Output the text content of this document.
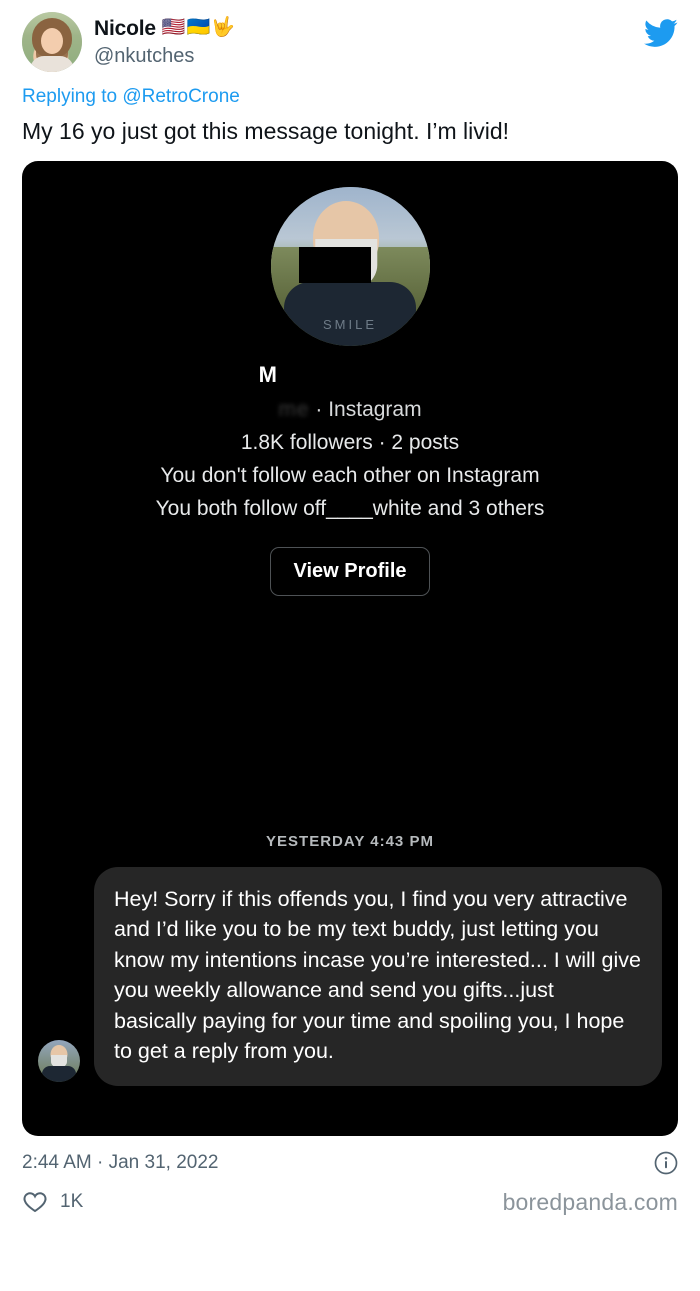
Nicole 🇺🇸🇺🇦🤟
@nkutches
Replying to @RetroCrone
My 16 yo just got this message tonight. I’m livid!
SMILE
M
me · Instagram
1.8K followers · 2 posts
You don't follow each other on Instagram
You both follow off____white and 3 others
View Profile
YESTERDAY 4:43 PM
Hey! Sorry if this offends you, I find you very attractive and I’d like you to be my text buddy, just letting you know my intentions incase you’re interested... I will give you weekly allowance and send you gifts...just basically paying for your time and spoiling you, I hope to get a reply from you.
2:44 AM · Jan 31, 2022
1K	boredpanda.com
